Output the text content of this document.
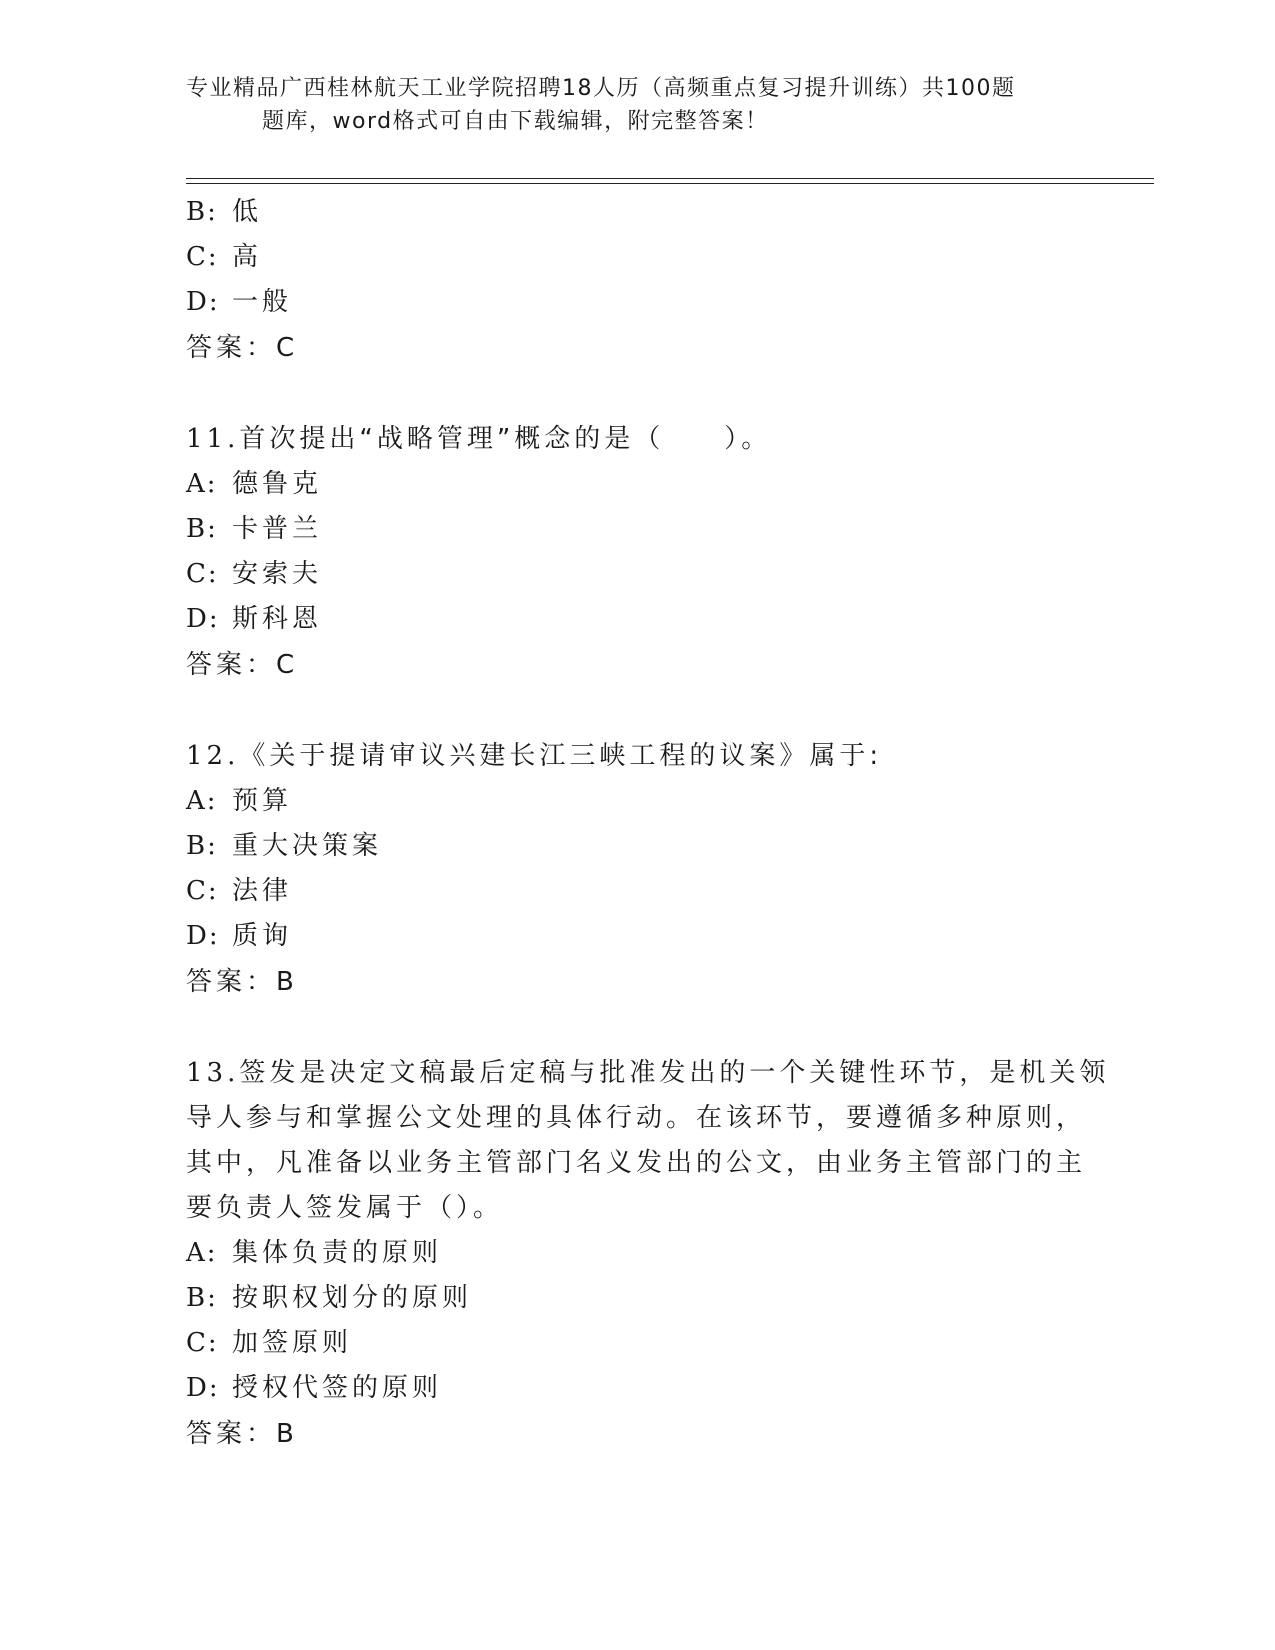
专业精品广西桂林航天工业学院招聘18人历（高频重点复习提升训练）共100题
题库，word格式可自由下载编辑，附完整答案！
B: 低
C: 高
D: 一般
答案：C
11.首次提出“战略管理”概念的是（　　）。
A: 德鲁克
B: 卡普兰
C: 安索夫
D: 斯科恩
答案：C
12.《关于提请审议兴建长江三峡工程的议案》属于:
A: 预算
B: 重大决策案
C: 法律
D: 质询
答案：B
13.签发是决定文稿最后定稿与批准发出的一个关键性环节，是机关领
导人参与和掌握公文处理的具体行动。在该环节，要遵循多种原则，
其中，凡准备以业务主管部门名义发出的公文，由业务主管部门的主
要负责人签发属于（）。
A: 集体负责的原则
B: 按职权划分的原则
C: 加签原则
D: 授权代签的原则
答案：B
